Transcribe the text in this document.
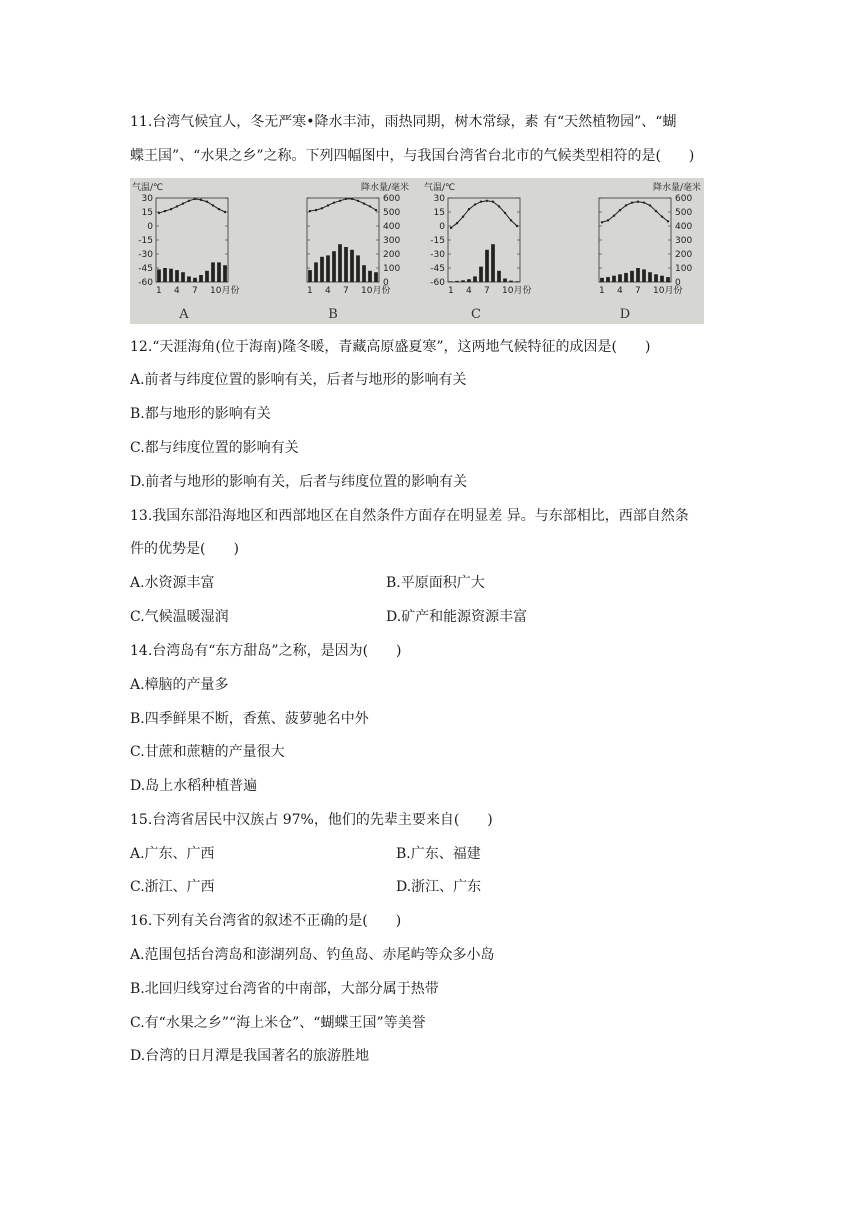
11.台湾气候宜人，冬无严寒•降水丰沛，雨热同期，树木常绿，素 有“天然植物园”、“蝴
蝶王国”、“水果之乡”之称。下列四幅图中，与我国台湾省台北市的气候类型相符的是(　　)
气温/℃
30
15
0
-15
-30
-45
-60
1 4 7 10月份
A
降水量/毫米
600
500
400
300
200
100
0
1 4 7 10月份
B
气温/℃
30
15
0
-15
-30
-45
-60
1 4 7 10月份
C
降水量/毫米
600
500
400
300
200
100
0
1 4 7 10月份
D
12.“天涯海角(位于海南)隆冬暖，青藏高原盛夏寒”，这两地气候特征的成因是(　　)
A.前者与纬度位置的影响有关，后者与地形的影响有关
B.都与地形的影响有关
C.都与纬度位置的影响有关
D.前者与地形的影响有关，后者与纬度位置的影响有关
13.我国东部沿海地区和西部地区在自然条件方面存在明显差 异。与东部相比，西部自然条
件的优势是(　　)
A.水资源丰富	B.平原面积广大
C.气候温暖湿润	D.矿产和能源资源丰富
14.台湾岛有“东方甜岛”之称，是因为(　　)
A.樟脑的产量多
B.四季鲜果不断，香蕉、菠萝驰名中外
C.甘蔗和蔗糖的产量很大
D.岛上水稻种植普遍
15.台湾省居民中汉族占 97%，他们的先辈主要来自(　　)
A.广东、广西	B.广东、福建
C.浙江、广西	D.浙江、广东
16.下列有关台湾省的叙述不正确的是(　　)
A.范围包括台湾岛和澎湖列岛、钓鱼岛、赤尾屿等众多小岛
B.北回归线穿过台湾省的中南部，大部分属于热带
C.有“水果之乡”“海上米仓”、“蝴蝶王国”等美誉
D.台湾的日月潭是我国著名的旅游胜地
